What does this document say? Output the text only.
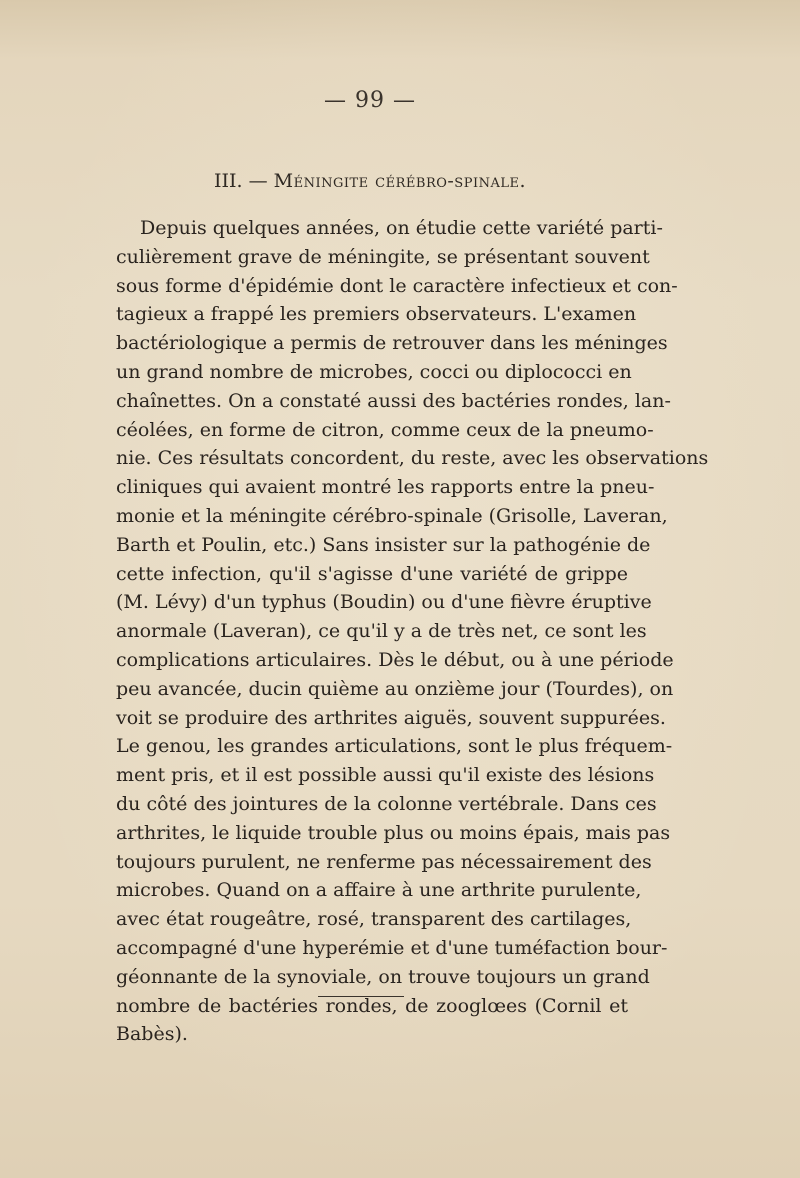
— 99 —
III. — Méningite cérébro-spinale.
Depuis quelques années, on étudie cette variété parti-
culièrement grave de méningite, se présentant souvent
sous forme d'épidémie dont le caractère infectieux et con-
tagieux a frappé les premiers observateurs. L'examen
bactériologique a permis de retrouver dans les méninges
un grand nombre de microbes, cocci ou diplococci en
chaînettes. On a constaté aussi des bactéries rondes, lan-
céolées, en forme de citron, comme ceux de la pneumo-
nie. Ces résultats concordent, du reste, avec les observations
cliniques qui avaient montré les rapports entre la pneu-
monie et la méningite cérébro-spinale (Grisolle, Laveran,
Barth et Poulin, etc.) Sans insister sur la pathogénie de
cette infection, qu'il s'agisse d'une variété de grippe
(M. Lévy) d'un typhus (Boudin) ou d'une fièvre éruptive
anormale (Laveran), ce qu'il y a de très net, ce sont les
complications articulaires. Dès le début, ou à une période
peu avancée, ducin quième au onzième jour (Tourdes), on
voit se produire des arthrites aiguës, souvent suppurées.
Le genou, les grandes articulations, sont le plus fréquem-
ment pris, et il est possible aussi qu'il existe des lésions
du côté des jointures de la colonne vertébrale. Dans ces
arthrites, le liquide trouble plus ou moins épais, mais pas
toujours purulent, ne renferme pas nécessairement des
microbes. Quand on a affaire à une arthrite purulente,
avec état rougeâtre, rosé, transparent des cartilages,
accompagné d'une hyperémie et d'une tuméfaction bour-
géonnante de la synoviale, on trouve toujours un grand
nombre de bactéries rondes, de zooglœes (Cornil et
Babès).
